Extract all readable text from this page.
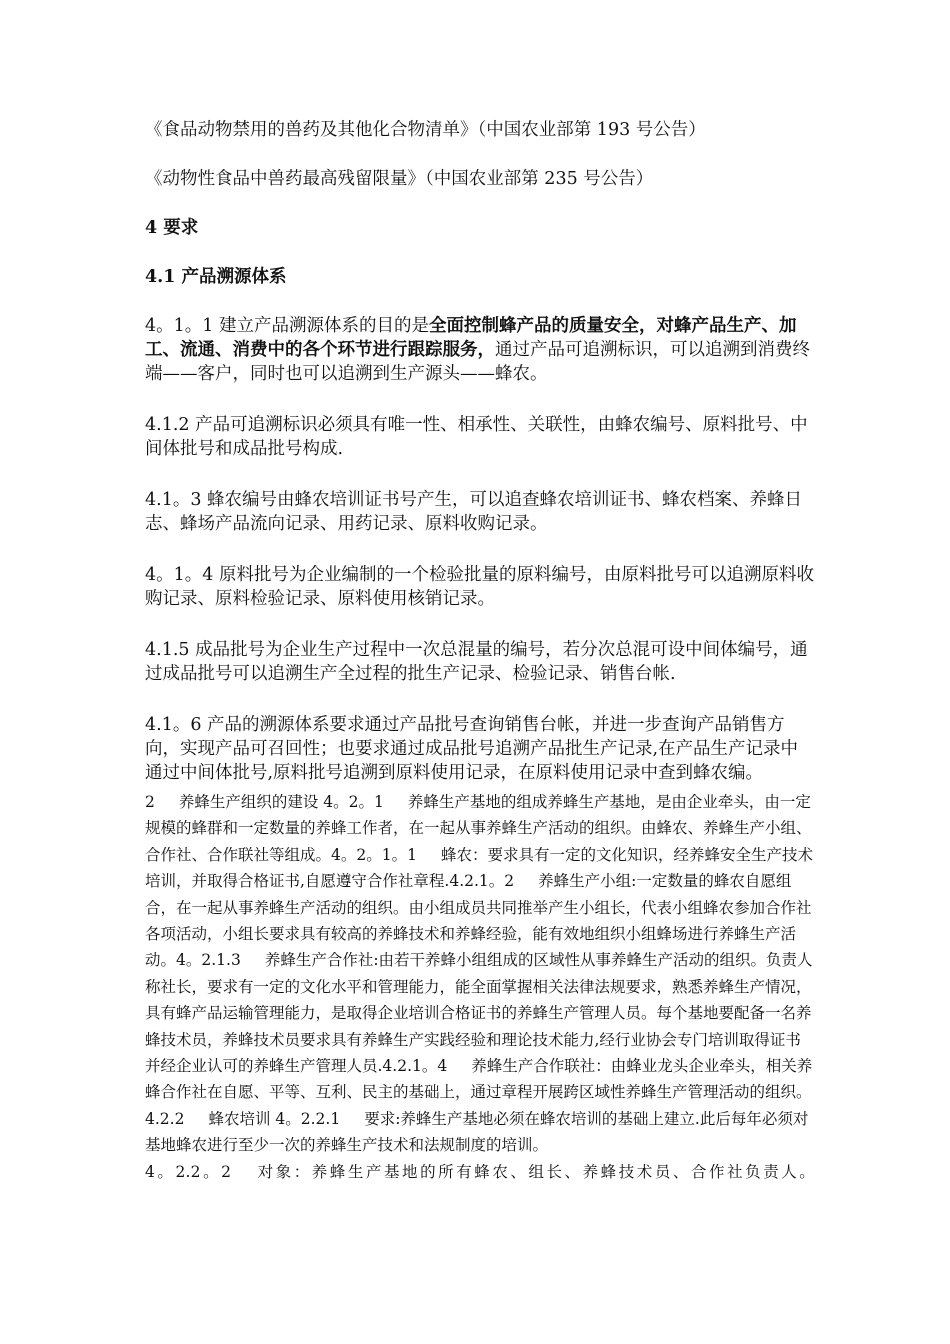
《食品动物禁用的兽药及其他化合物清单》（中国农业部第 193 号公告）

《动物性食品中兽药最高残留限量》（中国农业部第 235 号公告）

4 要求

4.1 产品溯源体系

4。1。1 建立产品溯源体系的目的是全面控制蜂产品的质量安全，对蜂产品生产、加工、流通、消费中的各个环节进行跟踪服务，通过产品可追溯标识，可以追溯到消费终端——客户，同时也可以追溯到生产源头——蜂农。

4.1.2 产品可追溯标识必须具有唯一性、相承性、关联性，由蜂农编号、原料批号、中间体批号和成品批号构成.

4.1。3 蜂农编号由蜂农培训证书号产生，可以追查蜂农培训证书、蜂农档案、养蜂日志、蜂场产品流向记录、用药记录、原料收购记录。

4。1。4 原料批号为企业编制的一个检验批量的原料编号，由原料批号可以追溯原料收购记录、原料检验记录、原料使用核销记录。

4.1.5 成品批号为企业生产过程中一次总混量的编号，若分次总混可设中间体编号，通过成品批号可以追溯生产全过程的批生产记录、检验记录、销售台帐.

4.1。6 产品的溯源体系要求通过产品批号查询销售台帐，并进一步查询产品销售方向，实现产品可召回性；也要求通过成品批号追溯产品批生产记录,在产品生产记录中通过中间体批号,原料批号追溯到原料使用记录，在原料使用记录中查到蜂农编。

2 养蜂生产组织的建设 4。2。1 养蜂生产基地的组成养蜂生产基地，是由企业牵头，由一定规模的蜂群和一定数量的养蜂工作者，在一起从事养蜂生产活动的组织。由蜂农、养蜂生产小组、合作社、合作联社等组成。4。2。1。1 蜂农：要求具有一定的文化知识，经养蜂安全生产技术培训，并取得合格证书,自愿遵守合作社章程.4.2.1。2 养蜂生产小组:一定数量的蜂农自愿组合，在一起从事养蜂生产活动的组织。由小组成员共同推举产生小组长，代表小组蜂农参加合作社各项活动，小组长要求具有较高的养蜂技术和养蜂经验，能有效地组织小组蜂场进行养蜂生产活动。4。2.1.3 养蜂生产合作社:由若干养蜂小组组成的区域性从事养蜂生产活动的组织。负责人称社长，要求有一定的文化水平和管理能力，能全面掌握相关法律法规要求，熟悉养蜂生产情况，具有蜂产品运输管理能力，是取得企业培训合格证书的养蜂生产管理人员。每个基地要配备一名养蜂技术员，养蜂技术员要求具有养蜂生产实践经验和理论技术能力,经行业协会专门培训取得证书并经企业认可的养蜂生产管理人员.4.2.1。4 养蜂生产合作联社：由蜂业龙头企业牵头，相关养蜂合作社在自愿、平等、互利、民主的基础上，通过章程开展跨区域性养蜂生产管理活动的组织。4.2.2 蜂农培训 4。2.2.1 要求:养蜂生产基地必须在蜂农培训的基础上建立.此后每年必须对基地蜂农进行至少一次的养蜂生产技术和法规制度的培训。
4。2.2。2 对象：养蜂生产基地的所有蜂农、组长、养蜂技术员、合作社负责人。
